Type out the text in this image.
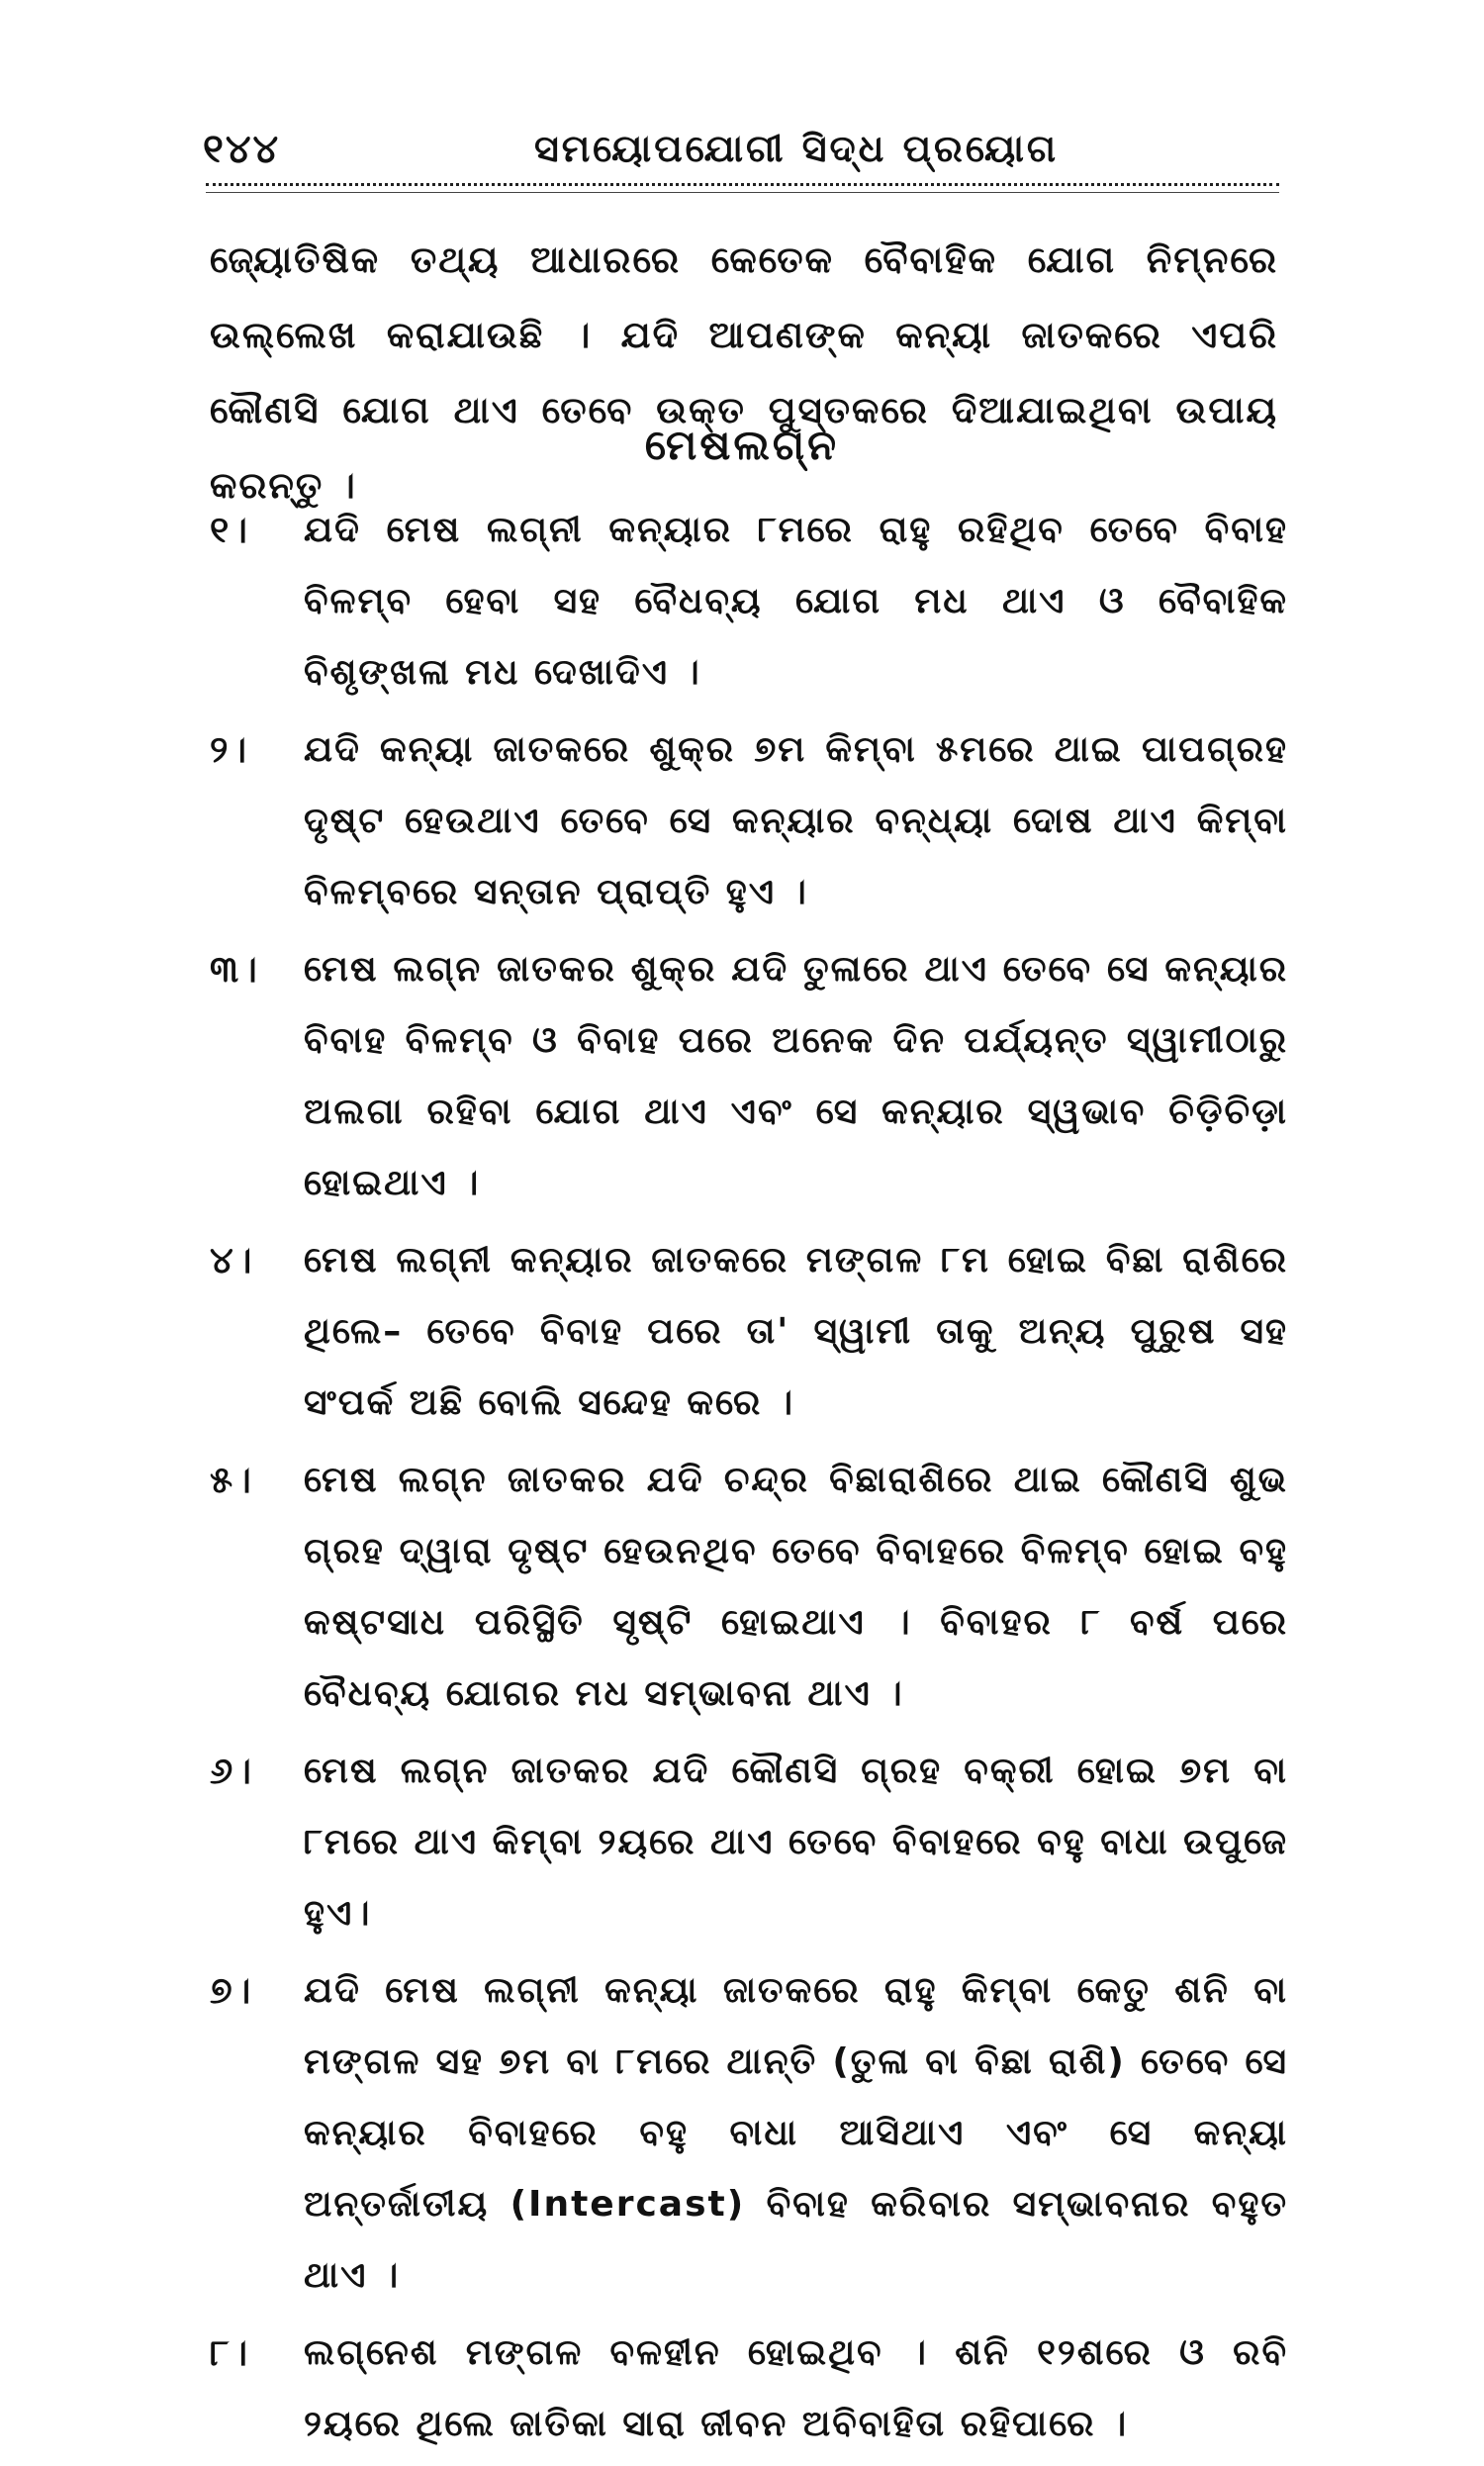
୧୪୪	ସମୟୋପଯୋଗୀ ସିଦ୍ଧ ପ୍ରୟୋଗ
ଜ୍ୟୋତିଷିକ ତଥ୍ୟ ଆଧାରରେ କେତେକ ବୈବାହିକ ଯୋଗ ନିମ୍ନରେ ଉଲ୍ଲେଖ କରାଯାଉଛି । ଯଦି ଆପଣଙ୍କ କନ୍ୟା ଜାତକରେ ଏପରି କୌଣସି ଯୋଗ ଥାଏ ତେବେ ଉକ୍ତ ପୁସ୍ତକରେ ଦିଆଯାଇଥିବା ଉପାୟ କରନ୍ତୁ ।
ମେଷଲଗ୍ନ
୧।	ଯଦି ମେଷ ଲଗ୍ନୀ କନ୍ୟାର ୮ମରେ ରାହୁ ରହିଥିବ ତେବେ ବିବାହ ବିଳମ୍ବ ହେବା ସହ ବୈଧବ୍ୟ ଯୋଗ ମଧ ଥାଏ ଓ ବୈବାହିକ ବିଶୃଙ୍ଖଳା ମଧ ଦେଖାଦିଏ ।
୨।	ଯଦି କନ୍ୟା ଜାତକରେ ଶୁକ୍ର ୭ମ କିମ୍ବା ୫ମରେ ଥାଇ ପାପଗ୍ରହ ଦୃଷ୍ଟ ହେଉଥାଏ ତେବେ ସେ କନ୍ୟାର ବନ୍ଧ୍ୟା ଦୋଷ ଥାଏ କିମ୍ବା ବିଳମ୍ବରେ ସନ୍ତାନ ପ୍ରାପ୍ତି ହୁଏ ।
୩।	ମେଷ ଲଗ୍ନ ଜାତକର ଶୁକ୍ର ଯଦି ତୁଳାରେ ଥାଏ ତେବେ ସେ କନ୍ୟାର ବିବାହ ବିଳମ୍ବ ଓ ବିବାହ ପରେ ଅନେକ ଦିନ ପର୍ଯ୍ୟନ୍ତ ସ୍ୱାମୀଠାରୁ ଅଲଗା ରହିବା ଯୋଗ ଥାଏ ଏବଂ ସେ କନ୍ୟାର ସ୍ୱଭାବ ଚିଡ଼ିଚିଡ଼ା ହୋଇଥାଏ ।
୪।	ମେଷ ଲଗ୍ନୀ କନ୍ୟାର ଜାତକରେ ମଙ୍ଗଳ ୮ମ ହୋଇ ବିଛା ରାଶିରେ ଥିଲେ– ତେବେ ବିବାହ ପରେ ତା' ସ୍ୱାମୀ ତାକୁ ଅନ୍ୟ ପୁରୁଷ ସହ ସଂପର୍କ ଅଛି ବୋଲି ସନ୍ଦେହ କରେ ।
୫।	ମେଷ ଲଗ୍ନ ଜାତକର ଯଦି ଚନ୍ଦ୍ର ବିଛାରାଶିରେ ଥାଇ କୌଣସି ଶୁଭ ଗ୍ରହ ଦ୍ୱାରା ଦୃଷ୍ଟ ହେଉନଥିବ ତେବେ ବିବାହରେ ବିଳମ୍ବ ହୋଇ ବହୁ କଷ୍ଟସାଧ ପରିସ୍ଥିତି ସୃଷ୍ଟି ହୋଇଥାଏ । ବିବାହର ୮ ବର୍ଷ ପରେ ବୈଧବ୍ୟ ଯୋଗର ମଧ ସମ୍ଭାବନା ଥାଏ ।
୬।	ମେଷ ଲଗ୍ନ ଜାତକର ଯଦି କୌଣସି ଗ୍ରହ ବକ୍ରୀ ହୋଇ ୭ମ ବା ୮ମରେ ଥାଏ କିମ୍ବା ୨ୟରେ ଥାଏ ତେବେ ବିବାହରେ ବହୁ ବାଧା ଉପୁଜେ ହୁଏ।
୭।	ଯଦି ମେଷ ଲଗ୍ନୀ କନ୍ୟା ଜାତକରେ ରାହୁ କିମ୍ବା କେତୁ ଶନି ବା ମଙ୍ଗଳ ସହ ୭ମ ବା ୮ମରେ ଥାନ୍ତି (ତୁଳା ବା ବିଛା ରାଶି) ତେବେ ସେ କନ୍ୟାର ବିବାହରେ ବହୁ ବାଧା ଆସିଥାଏ ଏବଂ ସେ କନ୍ୟା ଅନ୍ତର୍ଜାତୀୟ (Intercast) ବିବାହ କରିବାର ସମ୍ଭାବନାର ବହୁତ ଥାଏ ।
୮।	ଲଗ୍ନେଶ ମଙ୍ଗଳ ବଳହୀନ ହୋଇଥିବ । ଶନି ୧୨ଶରେ ଓ ରବି ୨ୟରେ ଥିଲେ ଜାତିକା ସାରା ଜୀବନ ଅବିବାହିତା ରହିପାରେ ।
